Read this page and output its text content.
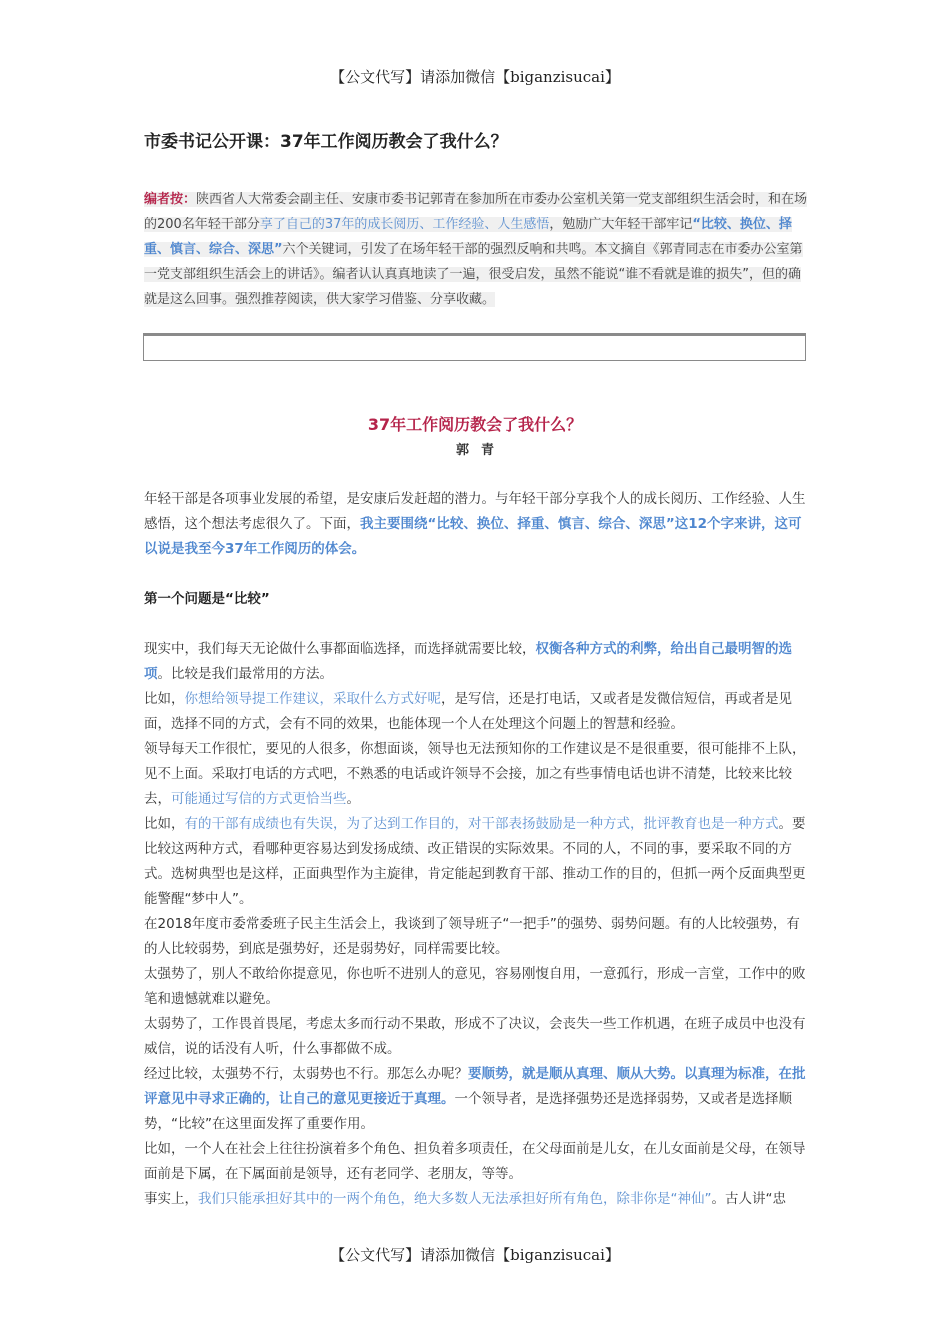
【公文代写】请添加微信【biganzisucai】
市委书记公开课：37年工作阅历教会了我什么？
编者按：陕西省人大常委会副主任、安康市委书记郭青在参加所在市委办公室机关第一党支部组织生活会时，和在场的200名年轻干部分享了自己的37年的成长阅历、工作经验、人生感悟，勉励广大年轻干部牢记“比较、换位、择重、慎言、综合、深思”六个关键词，引发了在场年轻干部的强烈反响和共鸣。本文摘自《郭青同志在市委办公室第一党支部组织生活会上的讲话》。编者认认真真地读了一遍，很受启发，虽然不能说“谁不看就是谁的损失”，但的确就是这么回事。强烈推荐阅读，供大家学习借鉴、分享收藏。
37年工作阅历教会了我什么？
郭青

年轻干部是各项事业发展的希望，是安康后发赶超的潜力。与年轻干部分享我个人的成长阅历、工作经验、人生感悟，这个想法考虑很久了。下面，我主要围绕“比较、换位、择重、慎言、综合、深思”这12个字来讲，这可以说是我至今37年工作阅历的体会。

第一个问题是“比较”

现实中，我们每天无论做什么事都面临选择，而选择就需要比较，权衡各种方式的利弊，给出自己最明智的选项。比较是我们最常用的方法。

比如，你想给领导提工作建议，采取什么方式好呢，是写信，还是打电话，又或者是发微信短信，再或者是见面，选择不同的方式，会有不同的效果，也能体现一个人在处理这个问题上的智慧和经验。

领导每天工作很忙，要见的人很多，你想面谈，领导也无法预知你的工作建议是不是很重要，很可能排不上队，见不上面。采取打电话的方式吧，不熟悉的电话或许领导不会接，加之有些事情电话也讲不清楚，比较来比较去，可能通过写信的方式更恰当些。

比如，有的干部有成绩也有失误，为了达到工作目的，对干部表扬鼓励是一种方式，批评教育也是一种方式。要比较这两种方式，看哪种更容易达到发扬成绩、改正错误的实际效果。不同的人，不同的事，要采取不同的方式。选树典型也是这样，正面典型作为主旋律，肯定能起到教育干部、推动工作的目的，但抓一两个反面典型更能警醒“梦中人”。

在2018年度市委常委班子民主生活会上，我谈到了领导班子“一把手”的强势、弱势问题。有的人比较强势，有的人比较弱势，到底是强势好，还是弱势好，同样需要比较。

太强势了，别人不敢给你提意见，你也听不进别人的意见，容易刚愎自用，一意孤行，形成一言堂，工作中的败笔和遗憾就难以避免。

太弱势了，工作畏首畏尾，考虑太多而行动不果敢，形成不了决议，会丧失一些工作机遇，在班子成员中也没有威信，说的话没有人听，什么事都做不成。

经过比较，太强势不行，太弱势也不行。那怎么办呢？要顺势，就是顺从真理、顺从大势。以真理为标准，在批评意见中寻求正确的，让自己的意见更接近于真理。一个领导者，是选择强势还是选择弱势，又或者是选择顺势，“比较”在这里面发挥了重要作用。

比如，一个人在社会上往往扮演着多个角色、担负着多项责任，在父母面前是儿女，在儿女面前是父母，在领导面前是下属，在下属面前是领导，还有老同学、老朋友，等等。

事实上，我们只能承担好其中的一两个角色，绝大多数人无法承担好所有角色，除非你是“神仙”。古人讲“忠

【公文代写】请添加微信【biganzisucai】
